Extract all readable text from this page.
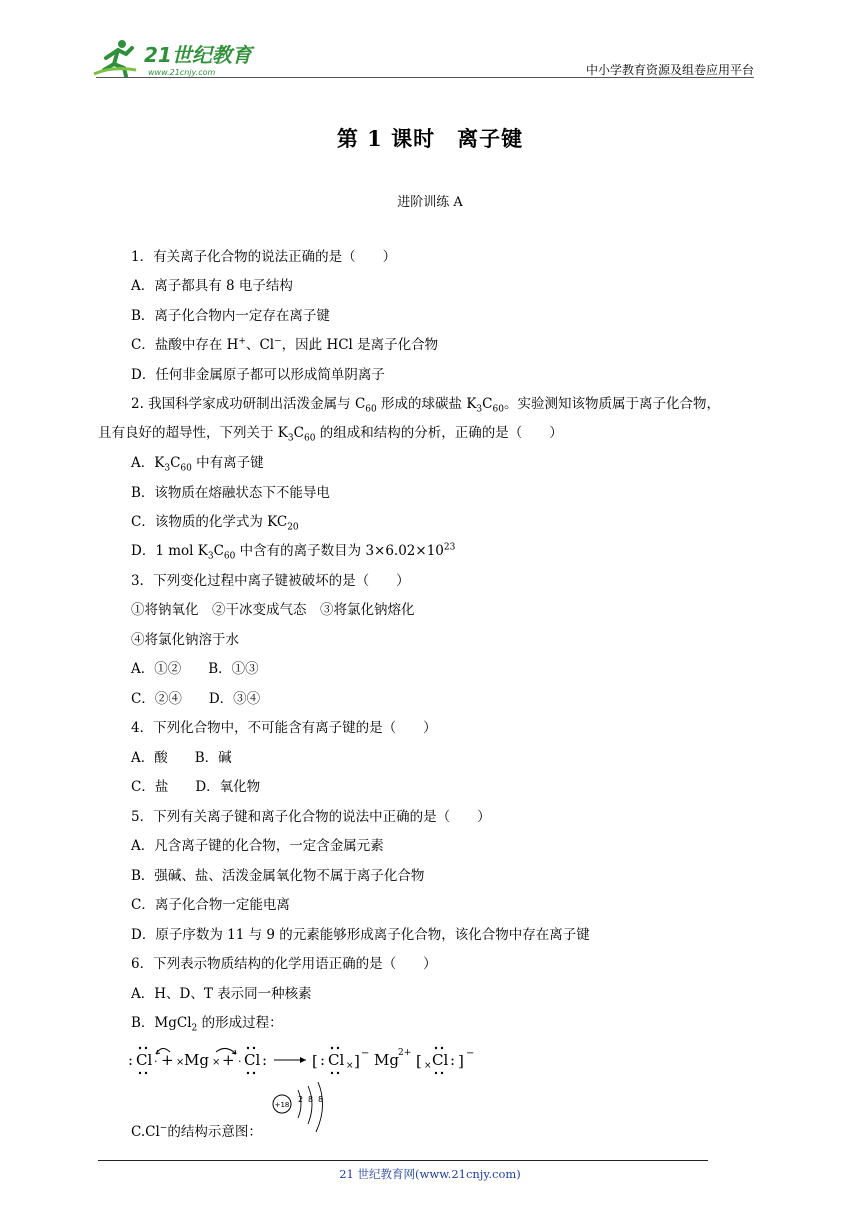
21世纪教育
www.21cnjy.com	中小学教育资源及组卷应用平台
第 1 课时　离子键
进阶训练 A
1．有关离子化合物的说法正确的是（　　）
A．离子都具有 8 电子结构
B．离子化合物内一定存在离子键
C．盐酸中存在 H+、Cl−，因此 HCl 是离子化合物
D．任何非金属原子都可以形成简单阴离子
2. 我国科学家成功研制出活泼金属与 $C_{60}$ 形成的球碳盐 $K_3C_{60}$。实验测知该物质属于离子化合物，
且有良好的超导性，下列关于 $K_3C_{60}$ 的组成和结构的分析，正确的是（　　）
A．$K_3C_{60}$ 中有离子键
B．该物质在熔融状态下不能导电
C．该物质的化学式为 $KC_{20}$
D．1 mol $K_3C_{60}$ 中含有的离子数目为 $3\times 6.02\times 10^{23}$
3．下列变化过程中离子键被破坏的是（　　）
①将钠氧化　②干冰变成气态　③将氯化钠熔化
④将氯化钠溶于水
A．①②　　B．①③
C．②④　　D．③④
4．下列化合物中，不可能含有离子键的是（　　）
A．酸　　B．碱
C．盐　　D．氧化物
5．下列有关离子键和离子化合物的说法中正确的是（　　）
A．凡含离子键的化合物，一定含金属元素
B．强碱、盐、活泼金属氧化物不属于离子化合物
C．离子化合物一定能电离
D．原子序数为 11 与 9 的元素能够形成离子化合物，该化合物中存在离子键
6．下列表示物质结构的化学用语正确的是（　　）
A．H、D、T 表示同一种核素
B．MgCl$_2$ 的形成过程：
C.Cl−的结构示意图：
: Cl · + × Mg × + · Cl :	[ : Cl × ] − Mg 2+ [ × Cl : ] −
+18
2 8 8
21 世纪教育网(www.21cnjy.com)
